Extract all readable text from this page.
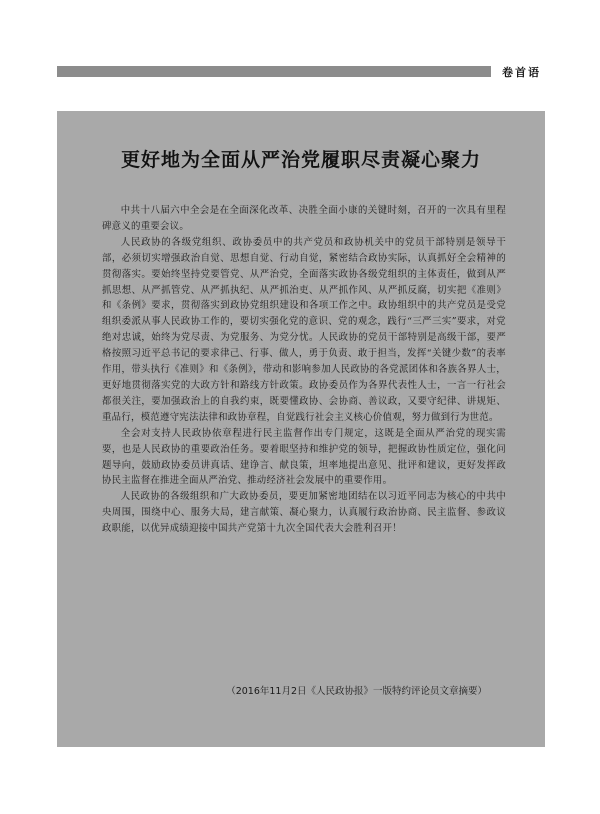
卷首语
更好地为全面从严治党履职尽责凝心聚力

中共十八届六中全会是在全面深化改革、决胜全面小康的关键时刻，召开的一次具有里程碑意义的重要会议。

人民政协的各级党组织、政协委员中的共产党员和政协机关中的党员干部特别是领导干部，必须切实增强政治自觉、思想自觉、行动自觉，紧密结合政协实际，认真抓好全会精神的贯彻落实。要始终坚持党要管党、从严治党，全面落实政协各级党组织的主体责任，做到从严抓思想、从严抓管党、从严抓执纪、从严抓治吏、从严抓作风、从严抓反腐，切实把《准则》和《条例》要求，贯彻落实到政协党组织建设和各项工作之中。政协组织中的共产党员是受党组织委派从事人民政协工作的，要切实强化党的意识、党的观念，践行“三严三实”要求，对党绝对忠诚，始终为党尽责、为党服务、为党分忧。人民政协的党员干部特别是高级干部，要严格按照习近平总书记的要求律己、行事、做人，勇于负责、敢于担当，发挥“关键少数”的表率作用，带头执行《准则》和《条例》，带动和影响参加人民政协的各党派团体和各族各界人士，更好地贯彻落实党的大政方针和路线方针政策。政协委员作为各界代表性人士，一言一行社会都很关注，要加强政治上的自我约束，既要懂政协、会协商、善议政，又要守纪律、讲规矩、重品行，模范遵守宪法法律和政协章程，自觉践行社会主义核心价值观，努力做到行为世范。

全会对支持人民政协依章程进行民主监督作出专门规定，这既是全面从严治党的现实需要，也是人民政协的重要政治任务。要着眼坚持和维护党的领导，把握政协性质定位，强化问题导向，鼓励政协委员讲真话、建诤言、献良策，坦率地提出意见、批评和建议，更好发挥政协民主监督在推进全面从严治党、推动经济社会发展中的重要作用。

人民政协的各级组织和广大政协委员，要更加紧密地团结在以习近平同志为核心的中共中央周围，围绕中心、服务大局，建言献策、凝心聚力，认真履行政治协商、民主监督、参政议政职能，以优异成绩迎接中国共产党第十九次全国代表大会胜利召开！

（2016年11月2日《人民政协报》一版特约评论员文章摘要）
